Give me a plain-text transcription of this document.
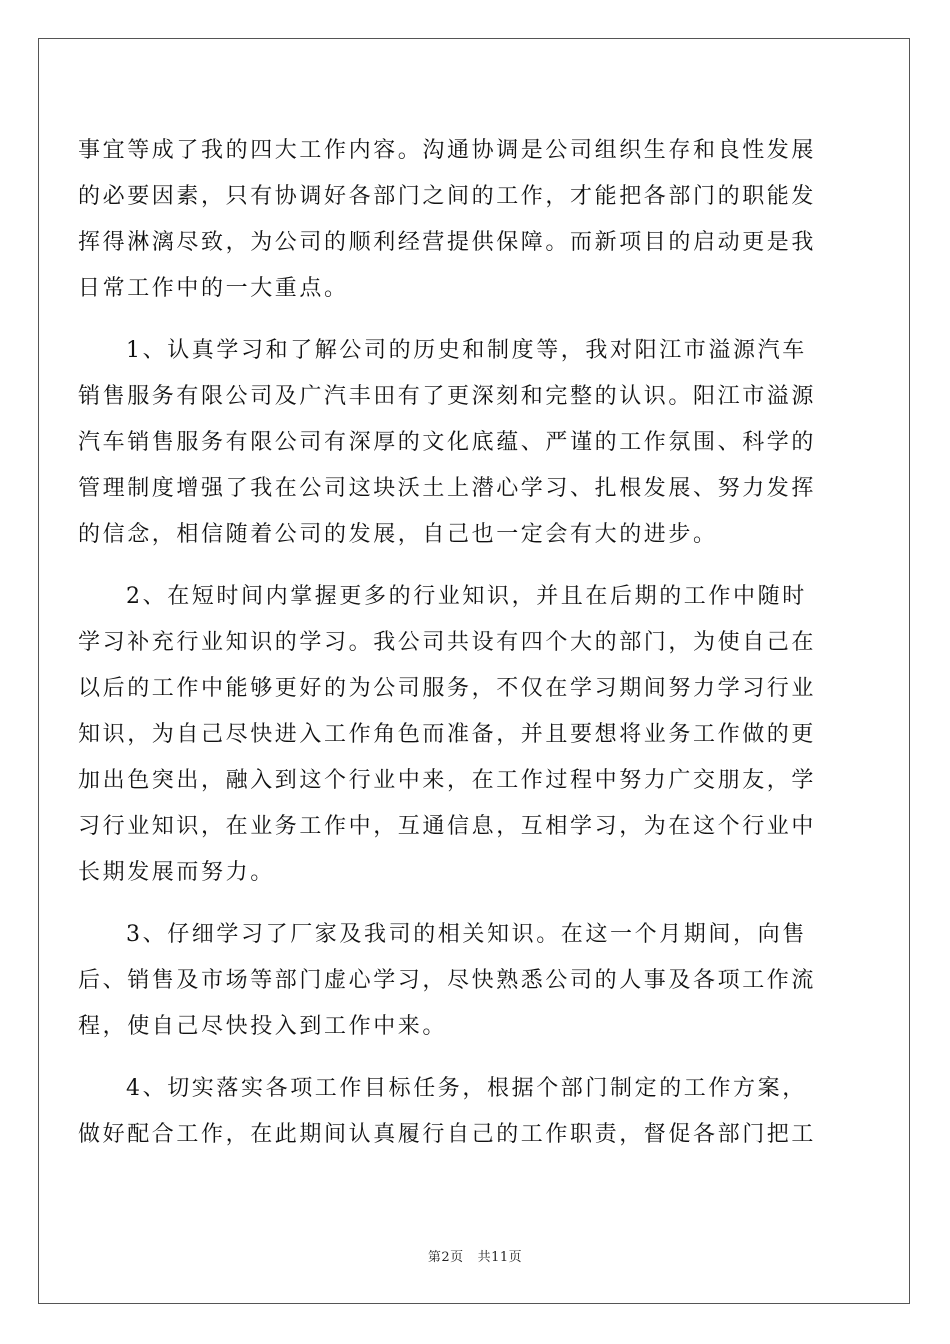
事宜等成了我的四大工作内容。沟通协调是公司组织生存和良性发展
的必要因素，只有协调好各部门之间的工作，才能把各部门的职能发
挥得淋漓尽致，为公司的顺利经营提供保障。而新项目的启动更是我
日常工作中的一大重点。
1、认真学习和了解公司的历史和制度等，我对阳江市溢源汽车
销售服务有限公司及广汽丰田有了更深刻和完整的认识。阳江市溢源
汽车销售服务有限公司有深厚的文化底蕴、严谨的工作氛围、科学的
管理制度增强了我在公司这块沃土上潜心学习、扎根发展、努力发挥
的信念，相信随着公司的发展，自己也一定会有大的进步。
2、在短时间内掌握更多的行业知识，并且在后期的工作中随时
学习补充行业知识的学习。我公司共设有四个大的部门，为使自己在
以后的工作中能够更好的为公司服务，不仅在学习期间努力学习行业
知识，为自己尽快进入工作角色而准备，并且要想将业务工作做的更
加出色突出，融入到这个行业中来，在工作过程中努力广交朋友，学
习行业知识，在业务工作中，互通信息，互相学习，为在这个行业中
长期发展而努力。
3、仔细学习了厂家及我司的相关知识。在这一个月期间，向售
后、销售及市场等部门虚心学习，尽快熟悉公司的人事及各项工作流
程，使自己尽快投入到工作中来。
4、切实落实各项工作目标任务，根据个部门制定的工作方案，
做好配合工作，在此期间认真履行自己的工作职责，督促各部门把工
第2页 共11页
